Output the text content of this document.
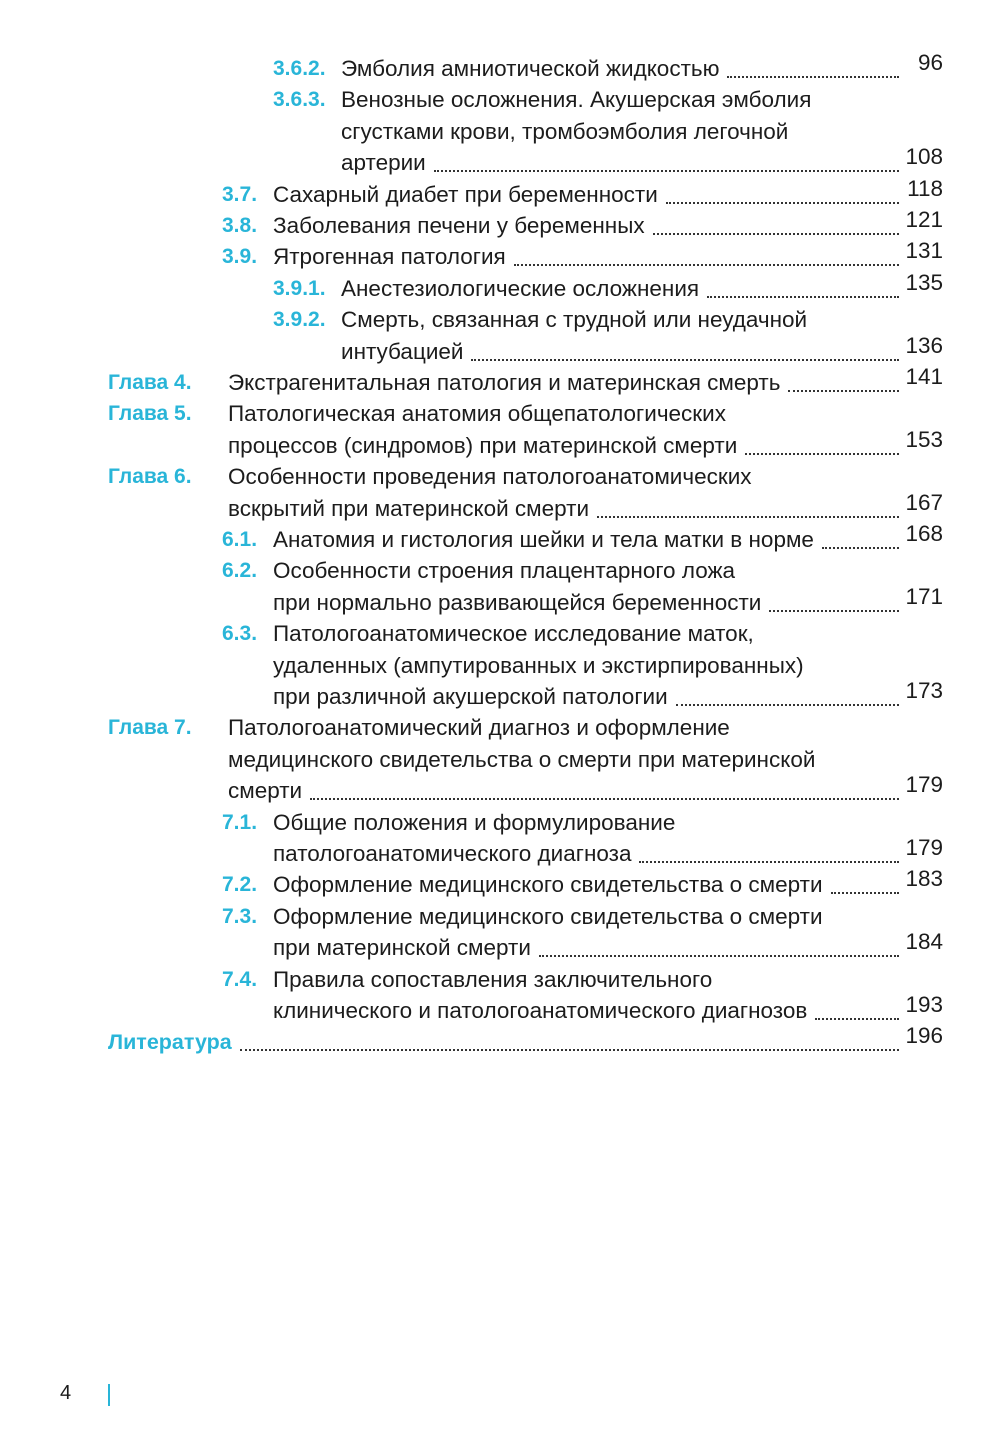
3.6.2. Эмболия амниотической жидкостью	96
3.6.3. Венозные осложнения. Акушерская эмболия
сгустками крови, тромбоэмболия легочной
артерии	108
3.7. Сахарный диабет при беременности	118
3.8. Заболевания печени у беременных	121
3.9. Ятрогенная патология	131
3.9.1. Анестезиологические осложнения	135
3.9.2. Смерть, связанная с трудной или неудачной
интубацией	136
Глава 4. Экстрагенитальная патология и материнская смерть	141
Глава 5. Патологическая анатомия общепатологических
процессов (синдромов) при материнской смерти	153
Глава 6. Особенности проведения патологоанатомических
вскрытий при материнской смерти	167
6.1. Анатомия и гистология шейки и тела матки в норме	168
6.2. Особенности строения плацентарного ложа
при нормально развивающейся беременности	171
6.3. Патологоанатомическое исследование маток,
удаленных (ампутированных и экстирпированных)
при различной акушерской патологии	173
Глава 7. Патологоанатомический диагноз и оформление
медицинского свидетельства о смерти при материнской
смерти	179
7.1. Общие положения и формулирование
патологоанатомического диагноза	179
7.2. Оформление медицинского свидетельства о смерти	183
7.3. Оформление медицинского свидетельства о смерти
при материнской смерти	184
7.4. Правила сопоставления заключительного
клинического и патологоанатомического диагнозов	193
Литература	196
4
